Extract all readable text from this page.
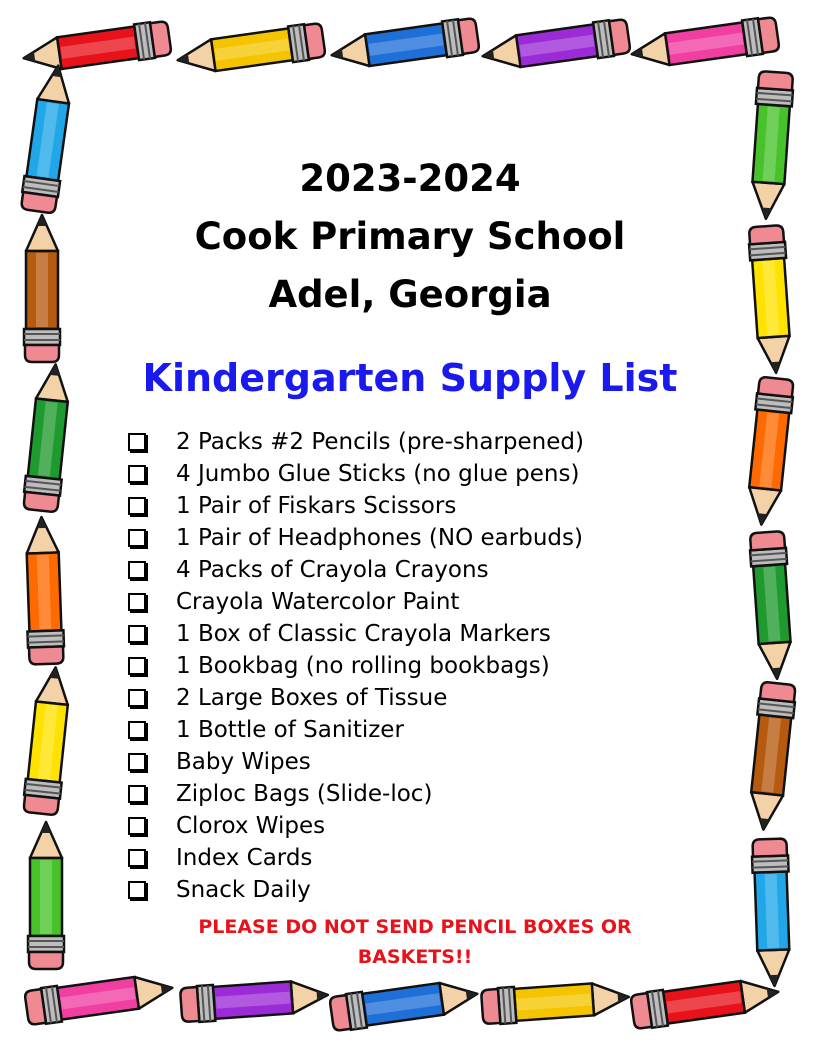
2023-2024

Cook Primary School

Adel, Georgia

Kindergarten Supply List

2 Packs #2 Pencils (pre-sharpened)
4 Jumbo Glue Sticks (no glue pens)
1 Pair of Fiskars Scissors
1 Pair of Headphones (NO earbuds)
4 Packs of Crayola Crayons
Crayola Watercolor Paint
1 Box of Classic Crayola Markers
1 Bookbag (no rolling bookbags)
2 Large Boxes of Tissue
1 Bottle of Sanitizer
Baby Wipes
Ziploc Bags (Slide-loc)
Clorox Wipes
Index Cards
Snack Daily

PLEASE DO NOT SEND PENCIL BOXES OR BASKETS!!
